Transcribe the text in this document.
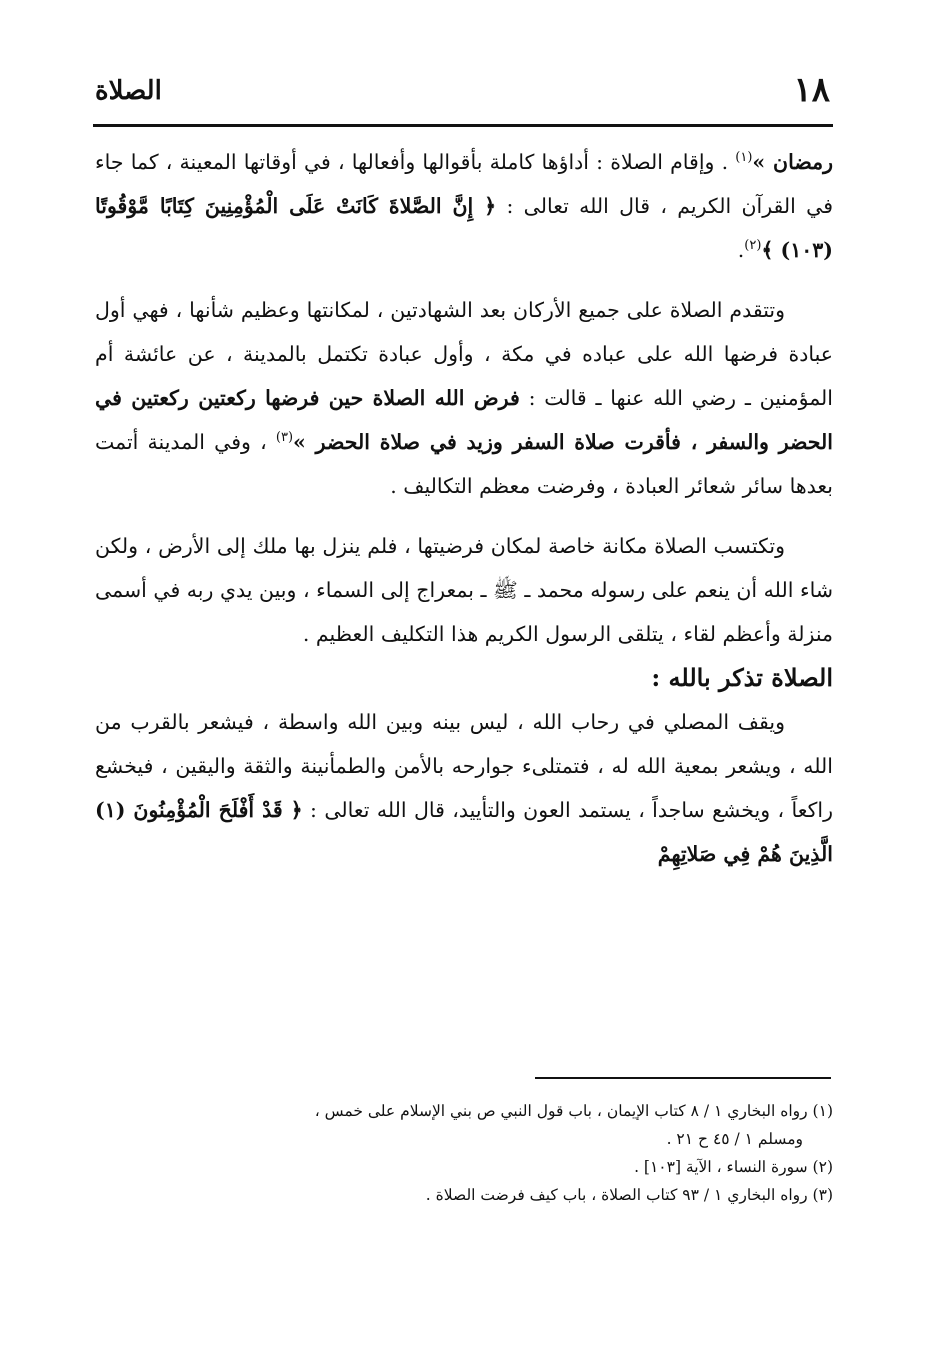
١٨
الصلاة

رمضان »$^{(١)}$ . وإقام الصلاة : أداؤها كاملة بأقوالها وأفعالها ، في أوقاتها المعينة ، كما جاء في القرآن الكريم ، قال الله تعالى : ﴿ إِنَّ الصَّلاةَ كَانَتْ عَلَى الْمُؤْمِنِينَ كِتَابًا مَّوْقُوتًا (١٠٣) ﴾$^{(٢)}$.

وتتقدم الصلاة على جميع الأركان بعد الشهادتين ، لمكانتها وعظيم شأنها ، فهي أول عبادة فرضها الله على عباده في مكة ، وأول عبادة تكتمل بالمدينة ، عن عائشة أم المؤمنين ـ رضي الله عنها ـ قالت : فرض الله الصلاة حين فرضها ركعتين ركعتين في الحضر والسفر ، فأقرت صلاة السفر وزيد في صلاة الحضر »$^{(٣)}$ ، وفي المدينة أتمت بعدها سائر شعائر العبادة ، وفرضت معظم التكاليف .

وتكتسب الصلاة مكانة خاصة لمكان فرضيتها ، فلم ينزل بها ملك إلى الأرض ، ولكن شاء الله أن ينعم على رسوله محمد ـ ﷺ ـ بمعراج إلى السماء ، وبين يدي ربه في أسمى منزلة وأعظم لقاء ، يتلقى الرسول الكريم هذا التكليف العظيم .

الصلاة تذكر بالله :

ويقف المصلي في رحاب الله ، ليس بينه وبين الله واسطة ، فيشعر بالقرب من الله ، ويشعر بمعية الله له ، فتمتلىء جوارحه بالأمن والطمأنينة والثقة واليقين ، فيخشع راكعاً ، ويخشع ساجداً ، يستمد العون والتأييد، قال الله تعالى : ﴿ قَدْ أَفْلَحَ الْمُؤْمِنُونَ (١) الَّذِينَ هُمْ فِي صَلاتِهِمْ

(١) رواه البخاري ١ / ٨ كتاب الإيمان ، باب قول النبي ص بني الإسلام على خمس ،

ومسلم ١ / ٤٥ ح ٢١ .

(٢) سورة النساء ، الآية [١٠٣] .

(٣) رواه البخاري ١ / ٩٣ كتاب الصلاة ، باب كيف فرضت الصلاة .
